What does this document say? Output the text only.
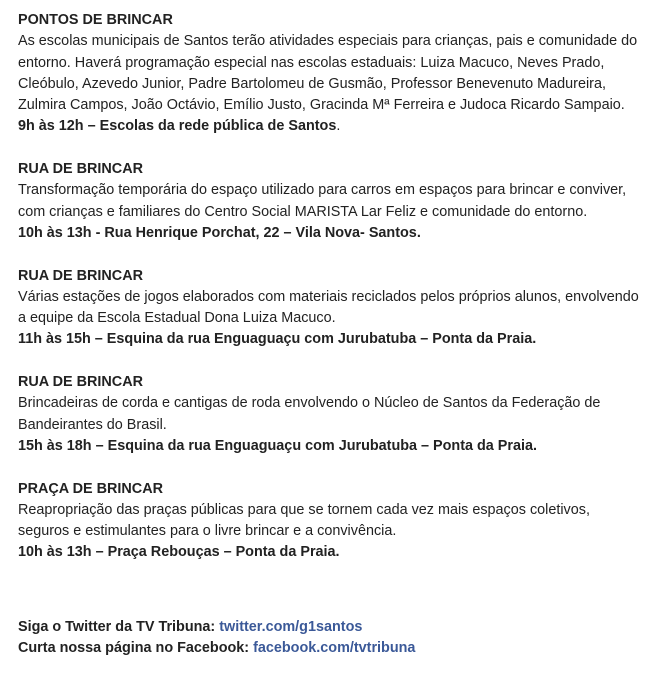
PONTOS DE BRINCAR
As escolas municipais de Santos terão atividades especiais para crianças, pais e comunidade do entorno. Haverá programação especial nas escolas estaduais: Luiza Macuco, Neves Prado, Cleóbulo, Azevedo Junior, Padre Bartolomeu de Gusmão, Professor Benevenuto Madureira, Zulmira Campos, João Octávio, Emílio Justo, Gracinda Mª Ferreira e Judoca Ricardo Sampaio.
9h às 12h – Escolas da rede pública de Santos.
RUA DE BRINCAR
Transformação temporária do espaço utilizado para carros em espaços para brincar e conviver, com crianças e familiares do Centro Social MARISTA Lar Feliz e comunidade do entorno.
10h às 13h - Rua Henrique Porchat, 22 – Vila Nova- Santos.
RUA DE BRINCAR
Várias estações de jogos elaborados com materiais reciclados pelos próprios alunos, envolvendo a equipe da Escola Estadual Dona Luiza Macuco.
11h às 15h – Esquina da rua Enguaguaçu com Jurubatuba – Ponta da Praia.
RUA DE BRINCAR
Brincadeiras de corda e cantigas de roda envolvendo o Núcleo de Santos da Federação de Bandeirantes do Brasil.
15h às 18h – Esquina da rua Enguaguaçu com Jurubatuba – Ponta da Praia.
PRAÇA DE BRINCAR
Reapropriação das praças públicas para que se tornem cada vez mais espaços coletivos, seguros e estimulantes para o livre brincar e a convivência.
10h às 13h – Praça Rebouças – Ponta da Praia.
Siga o Twitter da TV Tribuna: twitter.com/g1santos
Curta nossa página no Facebook: facebook.com/tvtribuna
